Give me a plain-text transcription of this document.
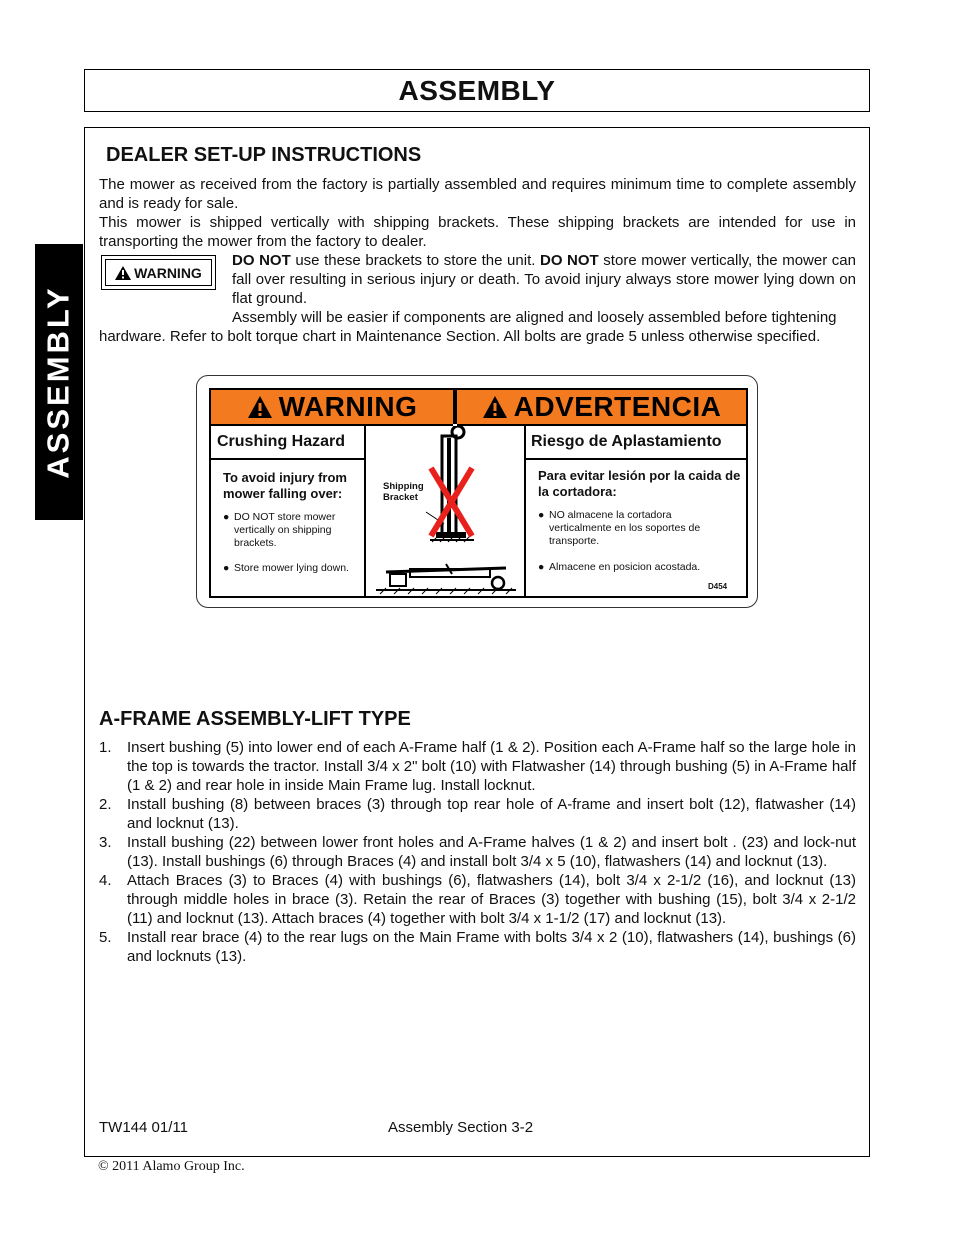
ASSEMBLY
ASSEMBLY
DEALER SET-UP INSTRUCTIONS

The mower as received from the factory is partially assembled and requires minimum time to complete assembly and is ready for sale.

This mower is shipped vertically with shipping brackets. These shipping brackets are intended for use in transporting the mower from the factory to dealer.

WARNING

DO NOT use these brackets to store the unit. DO NOT store mower vertically, the mower can fall over resulting in serious injury or death. To avoid injury always store mower lying down on flat ground.

Assembly will be easier if components are aligned and loosely assembled before tightening

hardware. Refer to bolt torque chart in Maintenance Section. All bolts are grade 5 unless otherwise specified.

WARNING	ADVERTENCIA
Crushing Hazard
To avoid injury from mower falling over:
● DO NOT store mower vertically on shipping brackets.
● Store mower lying down.
Shipping Bracket
Riesgo de Aplastamiento
Para evitar lesión por la caida de la cortadora:
● NO almacene la cortadora verticalmente en los soportes de transporte.
● Almacene en posicion acostada.
D454
A-FRAME ASSEMBLY-LIFT TYPE
1. Insert bushing (5) into lower end of each A-Frame half (1 & 2). Position each A-Frame half so the large hole in the top is towards the tractor. Install 3/4 x 2" bolt (10) with Flatwasher (14) through bushing (5) in A-Frame half (1 & 2) and rear hole in inside Main Frame lug. Install locknut.
2. Install bushing (8) between braces (3) through top rear hole of A-frame and insert bolt (12), flatwasher (14) and locknut (13).
3. Install bushing (22) between lower front holes and A-Frame halves (1 & 2) and insert bolt . (23) and lock-nut (13). Install bushings (6) through Braces (4) and install bolt 3/4 x 5 (10), flatwashers (14) and locknut (13).
4. Attach Braces (3) to Braces (4) with bushings (6), flatwashers (14), bolt 3/4 x 2-1/2 (16), and locknut (13) through middle holes in brace (3). Retain the rear of Braces (3) together with bushing (15), bolt 3/4 x 2-1/2 (11) and locknut (13). Attach braces (4) together with bolt 3/4 x 1-1/2 (17) and locknut (13).
5. Install rear brace (4) to the rear lugs on the Main Frame with bolts 3/4 x 2 (10), flatwashers (14), bushings (6) and locknuts (13).
TW144 01/11	Assembly Section 3-2
© 2011 Alamo Group Inc.
